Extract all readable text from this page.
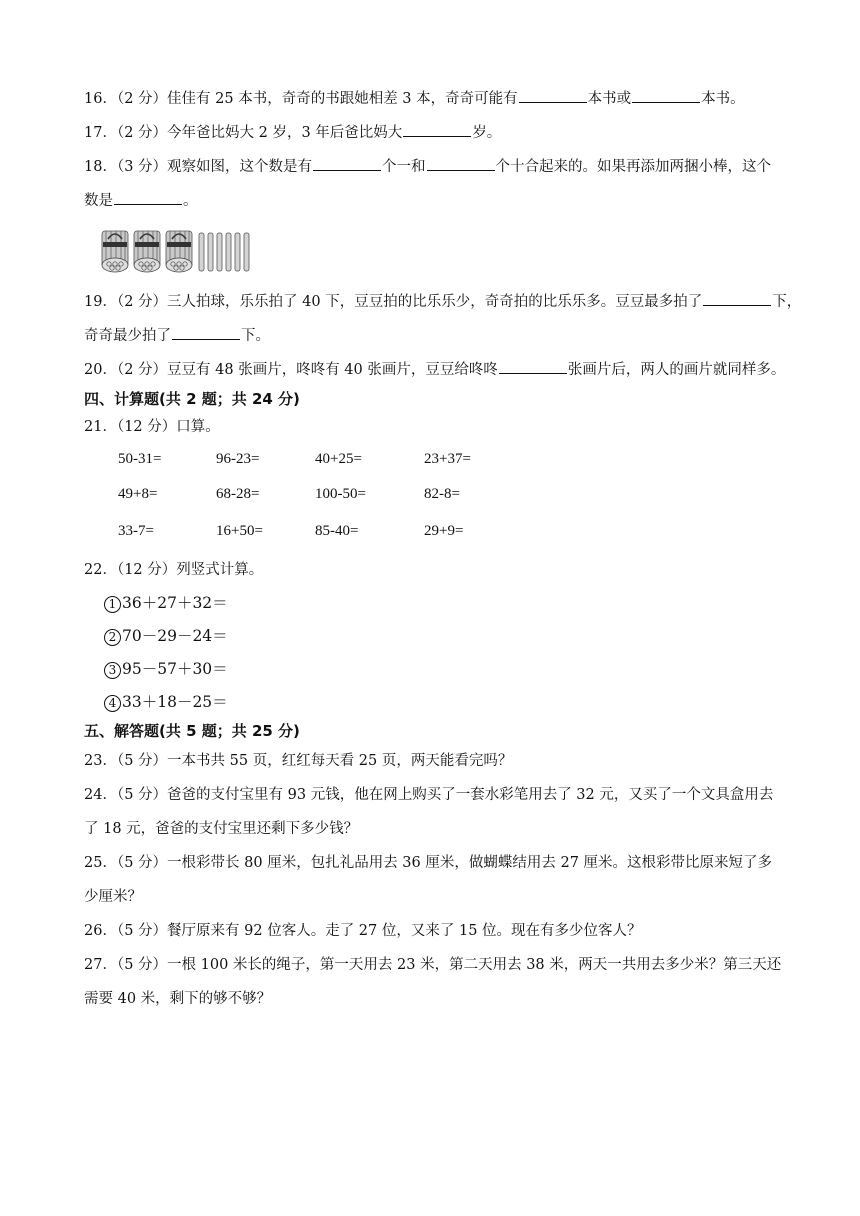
16．（2 分）佳佳有 25 本书，奇奇的书跟她相差 3 本，奇奇可能有	本书或	本书。

17．（2 分）今年爸比妈大 2 岁，3 年后爸比妈大	岁。

18．（3 分）观察如图，这个数是有	个一和	个十合起来的。如果再添加两捆小棒，这个
数是	。

19．（2 分）三人拍球，乐乐拍了 40 下，豆豆拍的比乐乐少，奇奇拍的比乐乐多。豆豆最多拍了	下，
奇奇最少拍了	下。

20．（2 分）豆豆有 48 张画片，咚咚有 40 张画片，豆豆给咚咚	张画片后，两人的画片就同样多。

四、计算题(共 2 题；共 24 分)

21．（12 分）口算。

50-31=	96-23=	40+25=	23+37=
49+8=	68-28=	100-50=	82-8=
33-7=	16+50=	85-40=	29+9=

22．（12 分）列竖式计算。

1 36＋27＋32＝
2 70－29－24＝
3 95－57＋30＝
4 33＋18－25＝

五、解答题(共 5 题；共 25 分)

23．（5 分）一本书共 55 页，红红每天看 25 页，两天能看完吗？

24．（5 分）爸爸的支付宝里有 93 元钱，他在网上购买了一套水彩笔用去了 32 元，又买了一个文具盒用去
了 18 元，爸爸的支付宝里还剩下多少钱？

25．（5 分）一根彩带长 80 厘米，包扎礼品用去 36 厘米，做蝴蝶结用去 27 厘米。这根彩带比原来短了多
少厘米？

26．（5 分）餐厅原来有 92 位客人。走了 27 位，又来了 15 位。现在有多少位客人？

27．（5 分）一根 100 米长的绳子，第一天用去 23 米，第二天用去 38 米，两天一共用去多少米？第三天还
需要 40 米，剩下的够不够？
